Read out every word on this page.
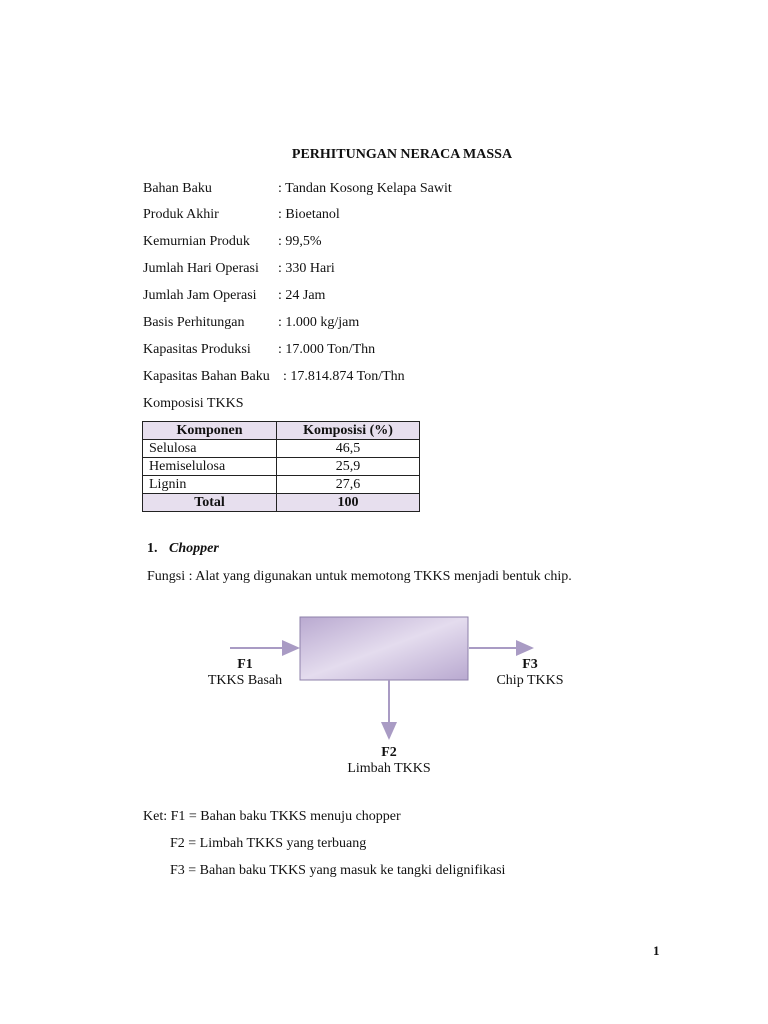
PERHITUNGAN NERACA MASSA
Bahan Baku	: Tandan Kosong Kelapa Sawit
Produk Akhir	: Bioetanol
Kemurnian Produk : 99,5%
Jumlah Hari Operasi : 330 Hari
Jumlah Jam Operasi : 24 Jam
Basis Perhitungan : 1.000 kg/jam
Kapasitas Produksi : 17.000 Ton/Thn
Kapasitas Bahan Baku : 17.814.874 Ton/Thn
Komposisi TKKS
Komponen	Komposisi (%)
Selulosa	46,5
Hemiselulosa	25,9
Lignin	27,6
Total	100
1. Chopper
Fungsi : Alat yang digunakan untuk memotong TKKS menjadi bentuk chip.
F1
TKKS Basah
F3
Chip TKKS
F2
Limbah TKKS
Ket: F1 = Bahan baku TKKS menuju chopper
F2 = Limbah TKKS yang terbuang
F3 = Bahan baku TKKS yang masuk ke tangki delignifikasi
1
